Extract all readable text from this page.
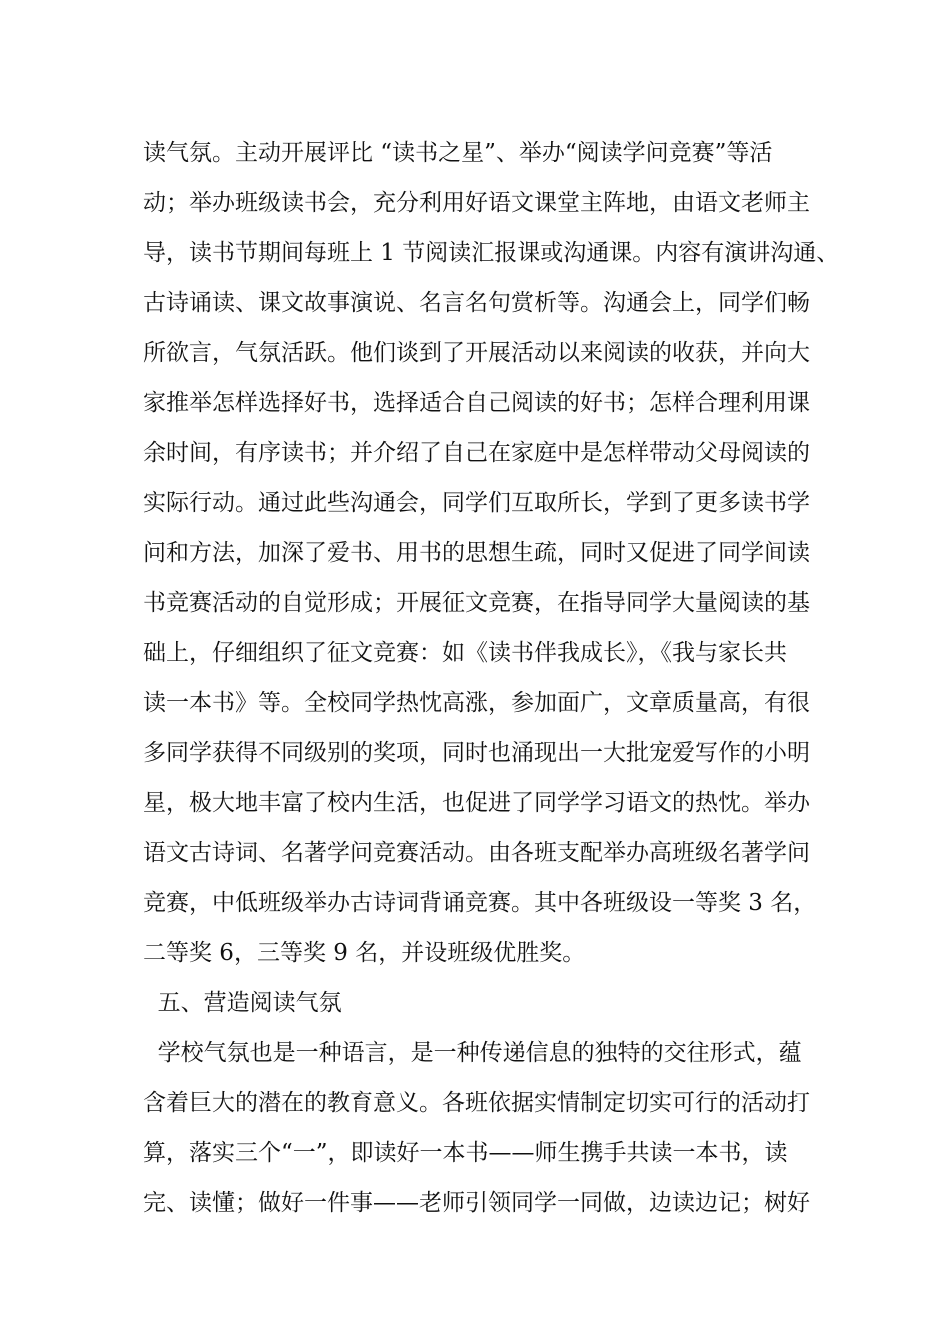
读气氛。主动开展评比 “读书之星”、举办“阅读学问竞赛”等活
动；举办班级读书会，充分利用好语文课堂主阵地，由语文老师主
导，读书节期间每班上 1 节阅读汇报课或沟通课。内容有演讲沟通、
古诗诵读、课文故事演说、名言名句赏析等。沟通会上，同学们畅
所欲言，气氛活跃。他们谈到了开展活动以来阅读的收获，并向大
家推举怎样选择好书，选择适合自己阅读的好书；怎样合理利用课
余时间，有序读书；并介绍了自己在家庭中是怎样带动父母阅读的
实际行动。通过此些沟通会，同学们互取所长，学到了更多读书学
问和方法，加深了爱书、用书的思想生疏，同时又促进了同学间读
书竞赛活动的自觉形成；开展征文竞赛，在指导同学大量阅读的基
础上，仔细组织了征文竞赛：如《读书伴我成长》，《我与家长共
读一本书》等。全校同学热忱高涨，参加面广，文章质量高，有很
多同学获得不同级别的奖项，同时也涌现出一大批宠爱写作的小明
星，极大地丰富了校内生活，也促进了同学学习语文的热忱。举办
语文古诗词、名著学问竞赛活动。由各班支配举办高班级名著学问
竞赛，中低班级举办古诗词背诵竞赛。其中各班级设一等奖 3 名，
二等奖 6，三等奖 9 名，并设班级优胜奖。
五、营造阅读气氛
学校气氛也是一种语言，是一种传递信息的独特的交往形式，蕴
含着巨大的潜在的教育意义。各班依据实情制定切实可行的活动打
算，落实三个“一”，即读好一本书——师生携手共读一本书，读
完、读懂；做好一件事——老师引领同学一同做，边读边记；树好
